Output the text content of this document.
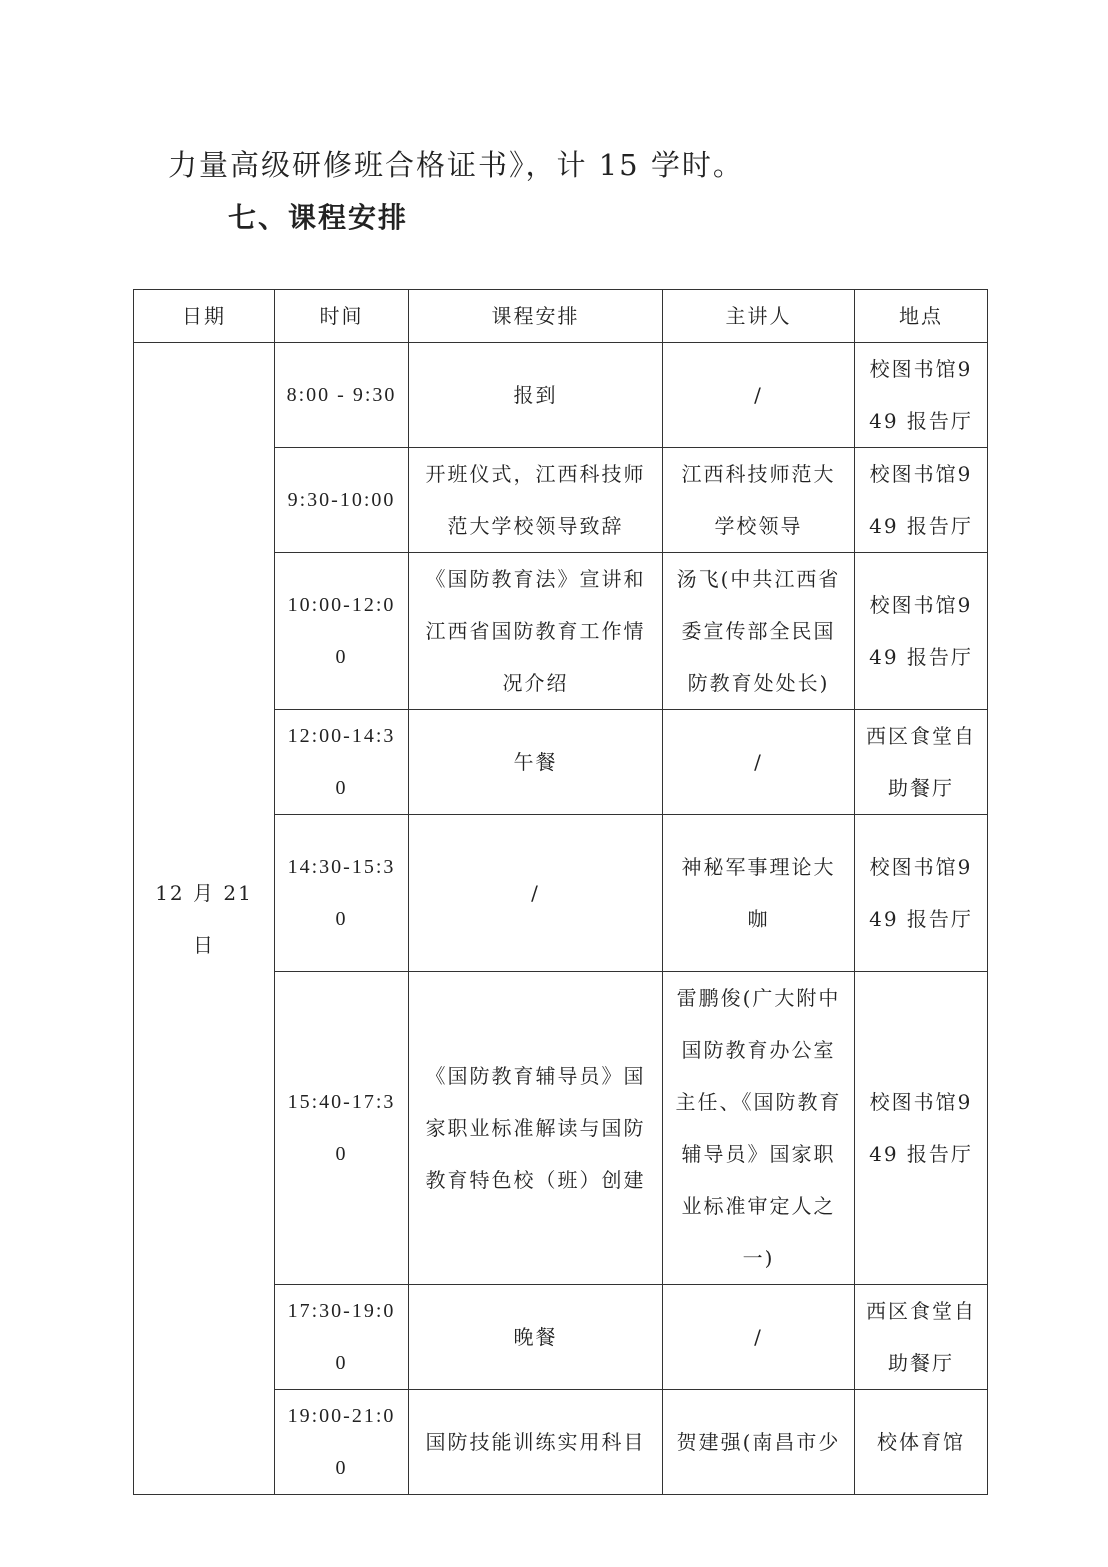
力量高级研修班合格证书》，计 15 学时。
七、课程安排
日期	时间	课程安排	主讲人	地点
12 月 21 日	8:00 - 9:30	报到	/	校图书馆949 报告厅
	9:30-10:00	开班仪式，江西科技师范大学校领导致辞	江西科技师范大学校领导	校图书馆949 报告厅
	10:00-12:00	《国防教育法》宣讲和江西省国防教育工作情况介绍	汤飞(中共江西省委宣传部全民国防教育处处长)	校图书馆949 报告厅
	12:00-14:30	午餐	/	西区食堂自助餐厅
	14:30-15:30	/	神秘军事理论大咖	校图书馆949 报告厅
	15:40-17:30	《国防教育辅导员》国家职业标准解读与国防教育特色校（班）创建	雷鹏俊(广大附中国防教育办公室主任、《国防教育辅导员》国家职业标准审定人之一)	校图书馆949 报告厅
	17:30-19:00	晚餐	/	西区食堂自助餐厅
	19:00-21:00	国防技能训练实用科目	贺建强(南昌市少	校体育馆
